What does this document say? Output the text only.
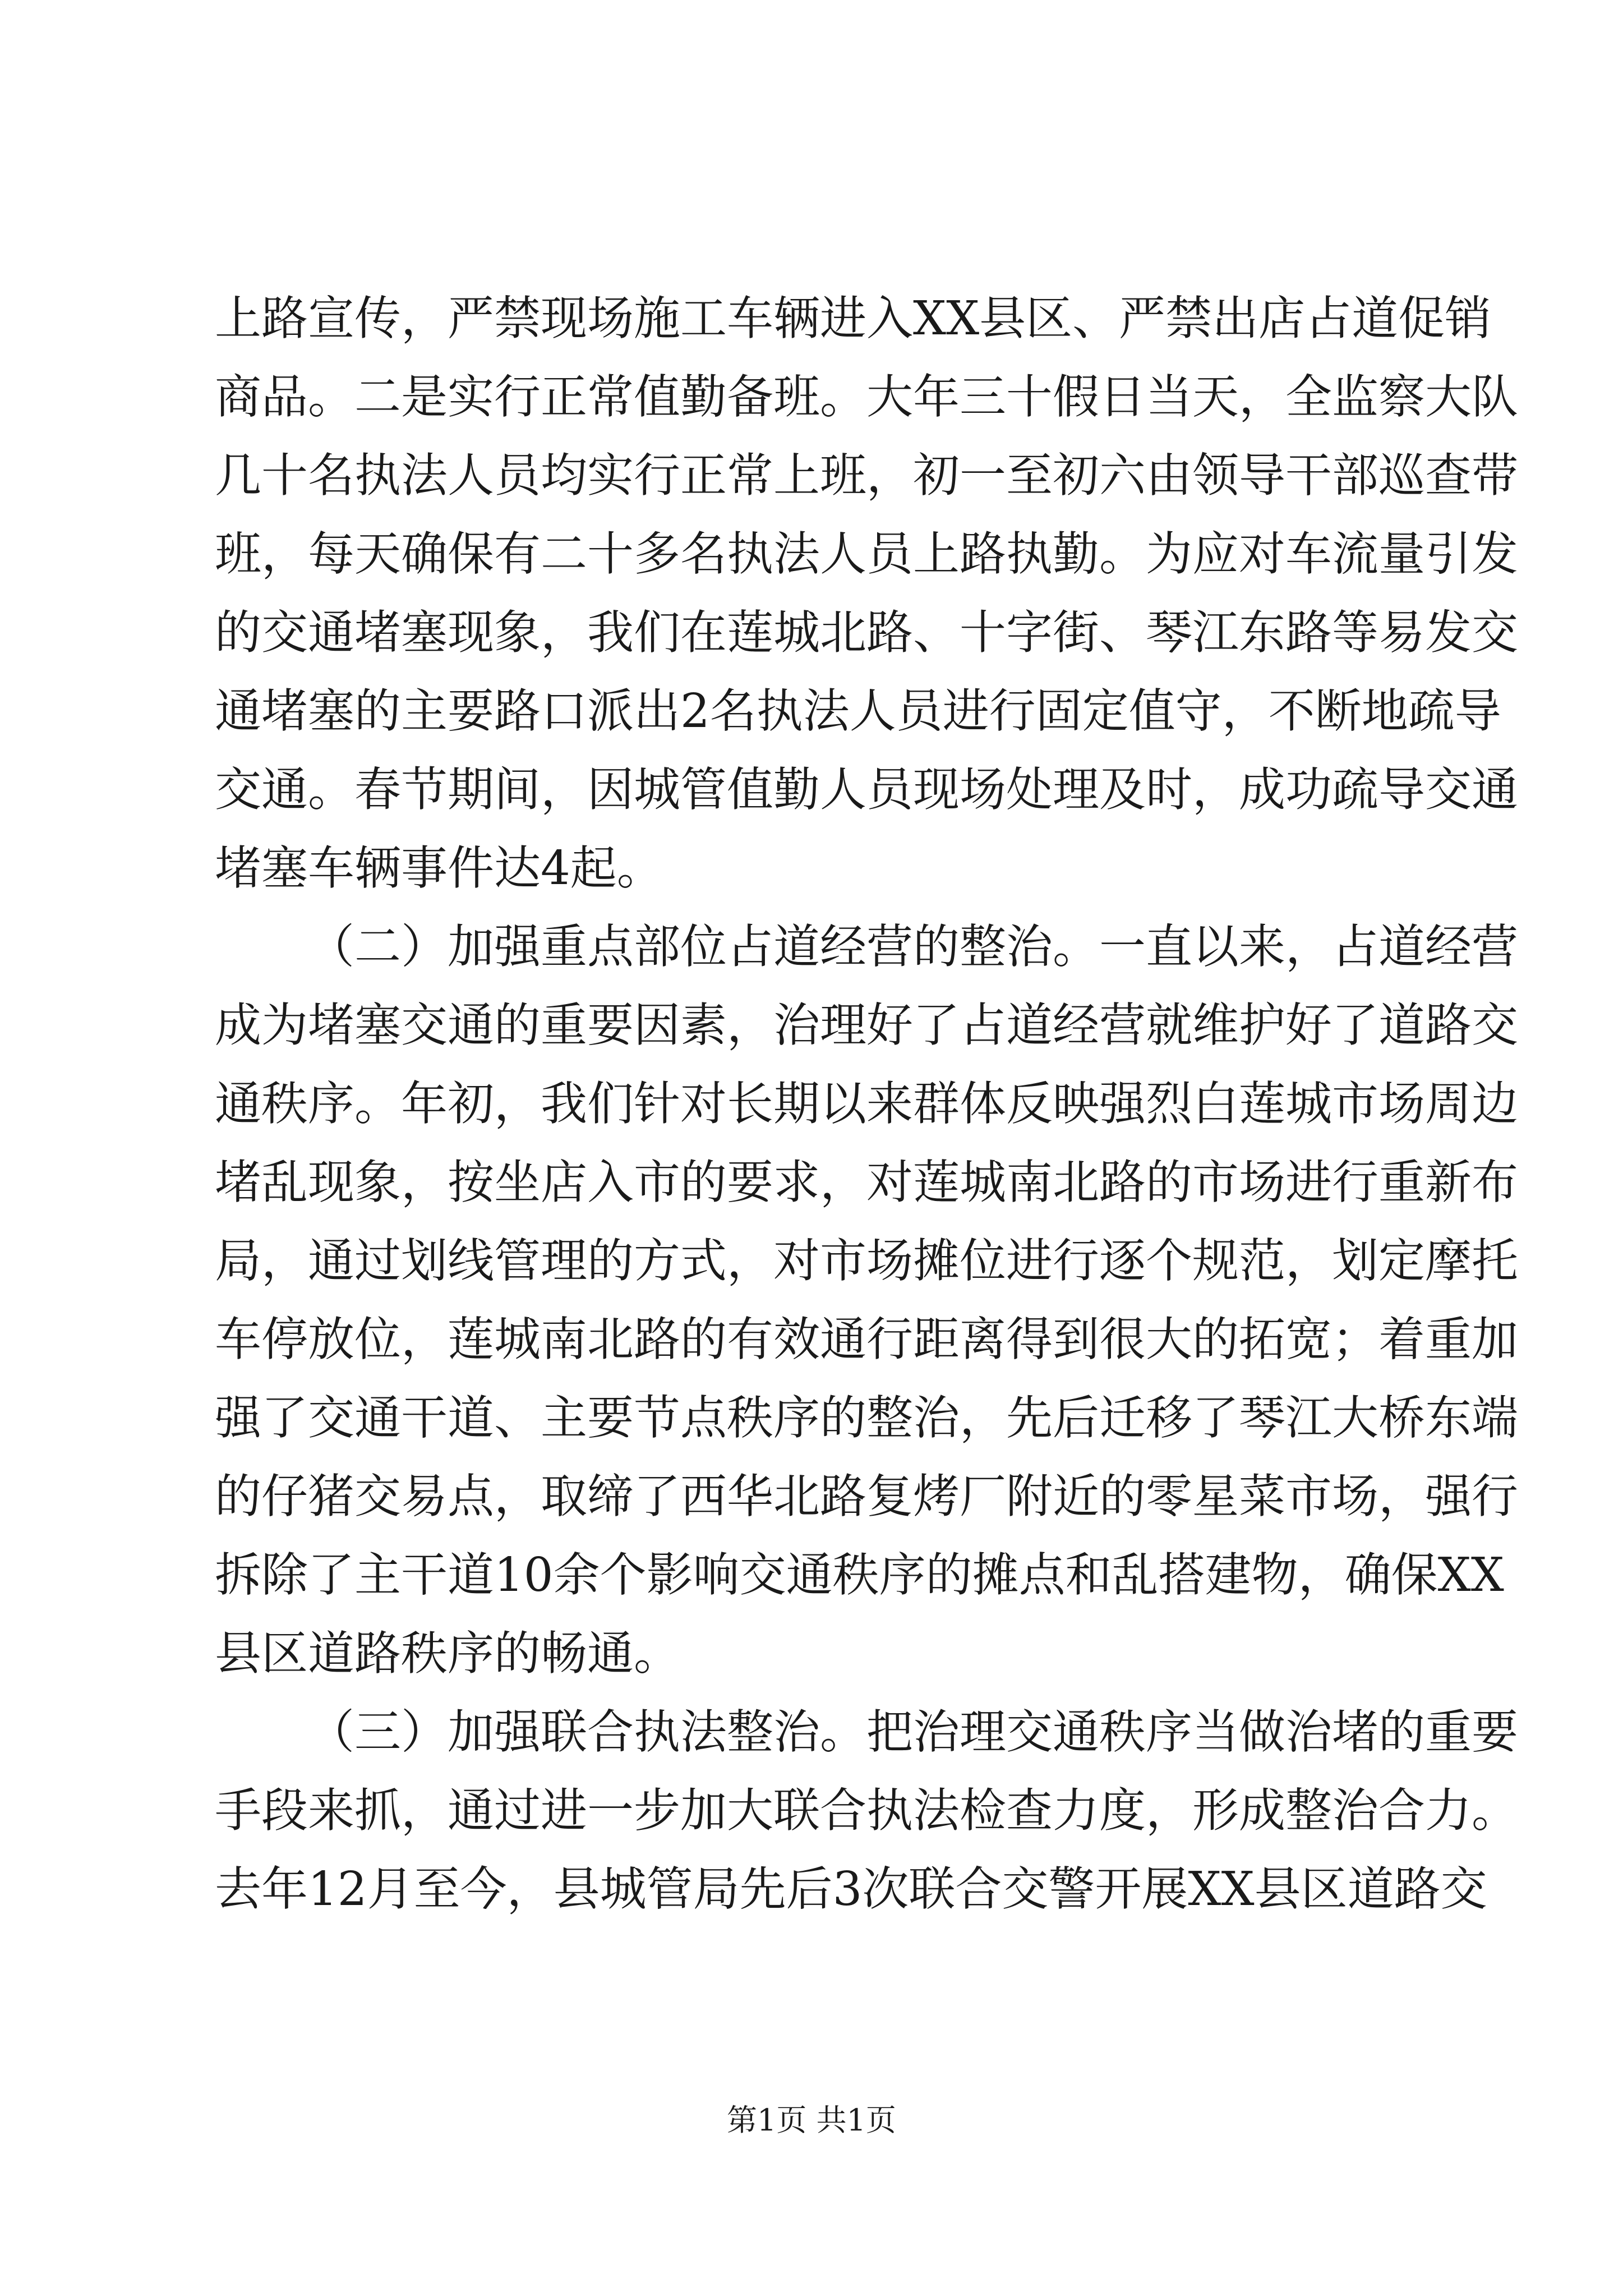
上路宣传，严禁现场施工车辆进入XX县区、严禁出店占道促销
商品。二是实行正常值勤备班。大年三十假日当天，全监察大队
几十名执法人员均实行正常上班，初一至初六由领导干部巡查带
班，每天确保有二十多名执法人员上路执勤。为应对车流量引发
的交通堵塞现象，我们在莲城北路、十字街、琴江东路等易发交
通堵塞的主要路口派出2名执法人员进行固定值守，不断地疏导
交通。春节期间，因城管值勤人员现场处理及时，成功疏导交通
堵塞车辆事件达4起。
（二）加强重点部位占道经营的整治。一直以来，占道经营
成为堵塞交通的重要因素，治理好了占道经营就维护好了道路交
通秩序。年初，我们针对长期以来群体反映强烈白莲城市场周边
堵乱现象，按坐店入市的要求，对莲城南北路的市场进行重新布
局，通过划线管理的方式，对市场摊位进行逐个规范，划定摩托
车停放位，莲城南北路的有效通行距离得到很大的拓宽；着重加
强了交通干道、主要节点秩序的整治，先后迁移了琴江大桥东端
的仔猪交易点，取缔了西华北路复烤厂附近的零星菜市场，强行
拆除了主干道10余个影响交通秩序的摊点和乱搭建物，确保XX
县区道路秩序的畅通。
（三）加强联合执法整治。把治理交通秩序当做治堵的重要
手段来抓，通过进一步加大联合执法检查力度，形成整治合力。
去年12月至今，县城管局先后3次联合交警开展XX县区道路交
第1页 共1页
